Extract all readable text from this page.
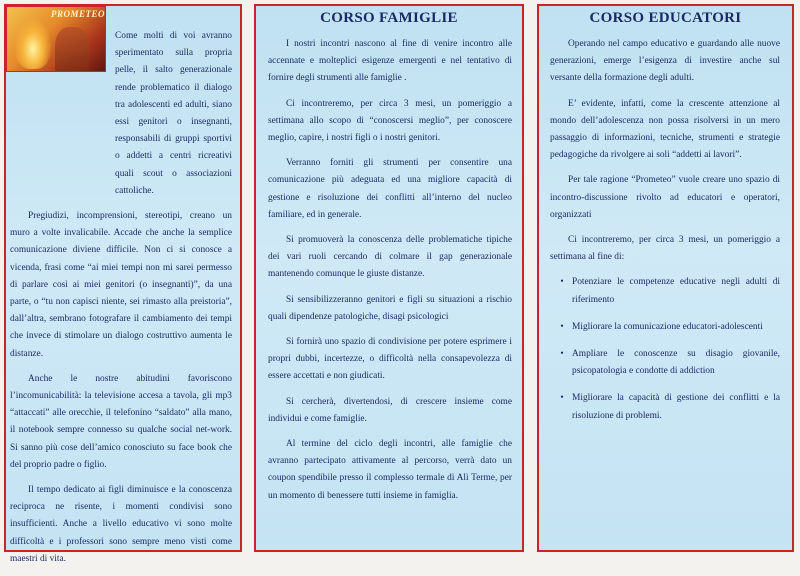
PROMETEO

Come molti di voi avranno sperimentato sulla propria pelle, il salto generazionale rende problematico il dialogo tra adolescenti ed adulti, siano essi genitori o insegnanti, responsabili di gruppi sportivi o addetti a centri ricreativi quali scout o associazioni cattoliche.

Pregiudizi, incomprensioni, stereotipi, creano un muro a volte invalicabile. Accade che anche la semplice comunicazione diviene difficile. Non ci si conosce a vicenda, frasi come “ai miei tempi non mi sarei permesso di parlare così ai miei genitori (o insegnanti)”, da una parte, o “tu non capisci niente, sei rimasto alla preistoria”, dall’altra, sembrano fotografare il cambiamento dei tempi che invece di stimolare un dialogo costruttivo aumenta le distanze.

Anche le nostre abitudini favoriscono l’incomunicabilità: la televisione accesa a tavola, gli mp3 “attaccati” alle orecchie, il telefonino “saldato” alla mano, il notebook sempre connesso su qualche social net-work. Si sanno più cose dell’amico conosciuto su face book che del proprio padre o figlio.

Il tempo dedicato ai figli diminuisce e la conoscenza reciproca ne risente, i momenti condivisi sono insufficienti. Anche a livello educativo vi sono molte difficoltà e i professori sono sempre meno visti come maestri di vita.

CORSO FAMIGLIE

I nostri incontri nascono al fine di venire incontro alle accennate e molteplici esigenze emergenti e nel tentativo di fornire degli strumenti alle famiglie .

Ci incontreremo, per circa 3 mesi, un pomeriggio a settimana allo scopo di “conoscersi meglio”, per conoscere meglio, capire, i nostri figli o i nostri genitori.

Verranno forniti gli strumenti per consentire una comunicazione più adeguata ed una migliore capacità di gestione e risoluzione dei conflitti all’interno del nucleo familiare, ed in generale.

Si promuoverà la conoscenza delle problematiche tipiche dei vari ruoli cercando di colmare il gap generazionale mantenendo comunque le giuste distanze.

Si sensibilizzeranno genitori e figli su situazioni a rischio quali dipendenze patologiche, disagi psicologici

Si fornirà uno spazio di condivisione per potere esprimere i propri dubbi, incertezze, o difficoltà nella consapevolezza di essere accettati e non giudicati.

Si cercherà, divertendosi, di crescere insieme come individui e come famiglie.

Al termine del ciclo degli incontri, alle famiglie che avranno partecipato attivamente al percorso, verrà dato un coupon spendibile presso il complesso termale di Alì Terme, per un momento di benessere tutti insieme in famiglia.

CORSO EDUCATORI

Operando nel campo educativo e guardando alle nuove generazioni, emerge l’esigenza di investire anche sul versante della formazione degli adulti.

E’ evidente, infatti, come la crescente attenzione al mondo dell’adolescenza non possa risolversi in un mero passaggio di informazioni, tecniche, strumenti e strategie pedagogiche da rivolgere ai soli “addetti ai lavori”.

Per tale ragione “Prometeo” vuole creare uno spazio di incontro-discussione rivolto ad educatori e operatori, organizzati

Ci incontreremo, per circa 3 mesi, un pomeriggio a settimana al fine di:

• Potenziare le competenze educative negli adulti di riferimento
• Migliorare la comunicazione educatori-adolescenti
• Ampliare le conoscenze su disagio giovanile, psicopatologia e condotte di addiction
• Migliorare la capacità di gestione dei conflitti e la risoluzione di problemi.
